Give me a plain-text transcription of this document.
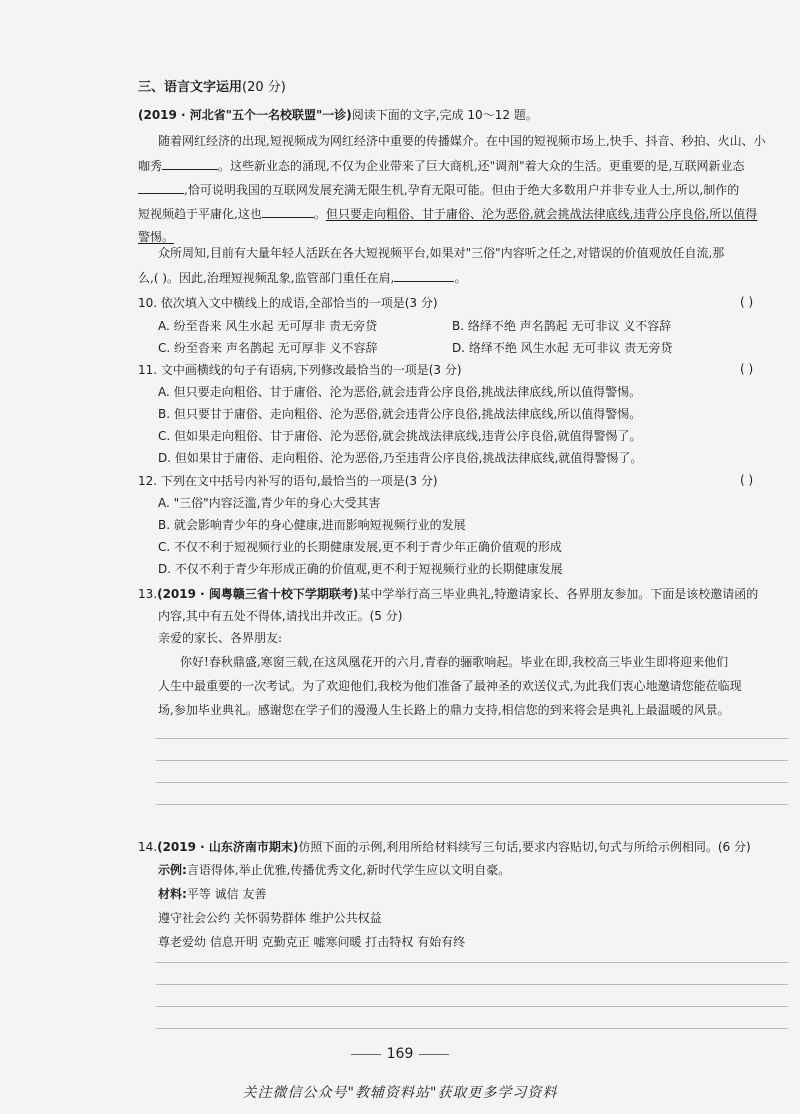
三、语言文字运用(20 分)
(2019 · 河北省"五个一名校联盟"一诊)阅读下面的文字,完成 10～12 题。
随着网红经济的出现,短视频成为网红经济中重要的传播媒介。在中国的短视频市场上,快手、抖音、秒拍、火山、小
咖秀	。这些新业态的涌现,不仅为企业带来了巨大商机,还"调剂"着大众的生活。更重要的是,互联网新业态
,恰可说明我国的互联网发展充满无限生机,孕育无限可能。但由于绝大多数用户并非专业人士,所以,制作的
短视频趋于平庸化,这也	。但只要走向粗俗、甘于庸俗、沦为恶俗,就会挑战法律底线,违背公序良俗,所以值得
警惕。
众所周知,目前有大量年轻人活跃在各大短视频平台,如果对"三俗"内容听之任之,对错误的价值观放任自流,那
么,( )。因此,治理短视频乱象,监管部门重任在肩,	。
10. 依次填入文中横线上的成语,全部恰当的一项是(3 分)	( )
A. 纷至沓来 风生水起 无可厚非 责无旁贷	B. 络绎不绝 声名鹊起 无可非议 义不容辞
C. 纷至沓来 声名鹊起 无可厚非 义不容辞	D. 络绎不绝 风生水起 无可非议 责无旁贷
11. 文中画横线的句子有语病,下列修改最恰当的一项是(3 分)	( )
A. 但只要走向粗俗、甘于庸俗、沦为恶俗,就会违背公序良俗,挑战法律底线,所以值得警惕。
B. 但只要甘于庸俗、走向粗俗、沦为恶俗,就会违背公序良俗,挑战法律底线,所以值得警惕。
C. 但如果走向粗俗、甘于庸俗、沦为恶俗,就会挑战法律底线,违背公序良俗,就值得警惕了。
D. 但如果甘于庸俗、走向粗俗、沦为恶俗,乃至违背公序良俗,挑战法律底线,就值得警惕了。
12. 下列在文中括号内补写的语句,最恰当的一项是(3 分)	( )
A. "三俗"内容泛滥,青少年的身心大受其害
B. 就会影响青少年的身心健康,进而影响短视频行业的发展
C. 不仅不利于短视频行业的长期健康发展,更不利于青少年正确价值观的形成
D. 不仅不利于青少年形成正确的价值观,更不利于短视频行业的长期健康发展
13.(2019 · 闽粤赣三省十校下学期联考)某中学举行高三毕业典礼,特邀请家长、各界朋友参加。下面是该校邀请函的
内容,其中有五处不得体,请找出并改正。(5 分)
亲爱的家长、各界朋友:
你好!春秋鼎盛,寒窗三载,在这凤凰花开的六月,青春的骊歌响起。毕业在即,我校高三毕业生即将迎来他们
人生中最重要的一次考试。为了欢迎他们,我校为他们准备了最神圣的欢送仪式,为此我们衷心地邀请您能莅临现
场,参加毕业典礼。感谢您在学子们的漫漫人生长路上的鼎力支持,相信您的到来将会是典礼上最温暖的风景。
14.(2019 · 山东济南市期末)仿照下面的示例,利用所给材料续写三句话,要求内容贴切,句式与所给示例相同。(6 分)
示例:言语得体,举止优雅,传播优秀文化,新时代学生应以文明自豪。
材料:平等 诚信 友善
遵守社会公约 关怀弱势群体 维护公共权益
尊老爱幼 信息开明 克勤克正 嘘寒问暖 打击特权 有始有终
169
关注微信公众号"教辅资料站"获取更多学习资料
